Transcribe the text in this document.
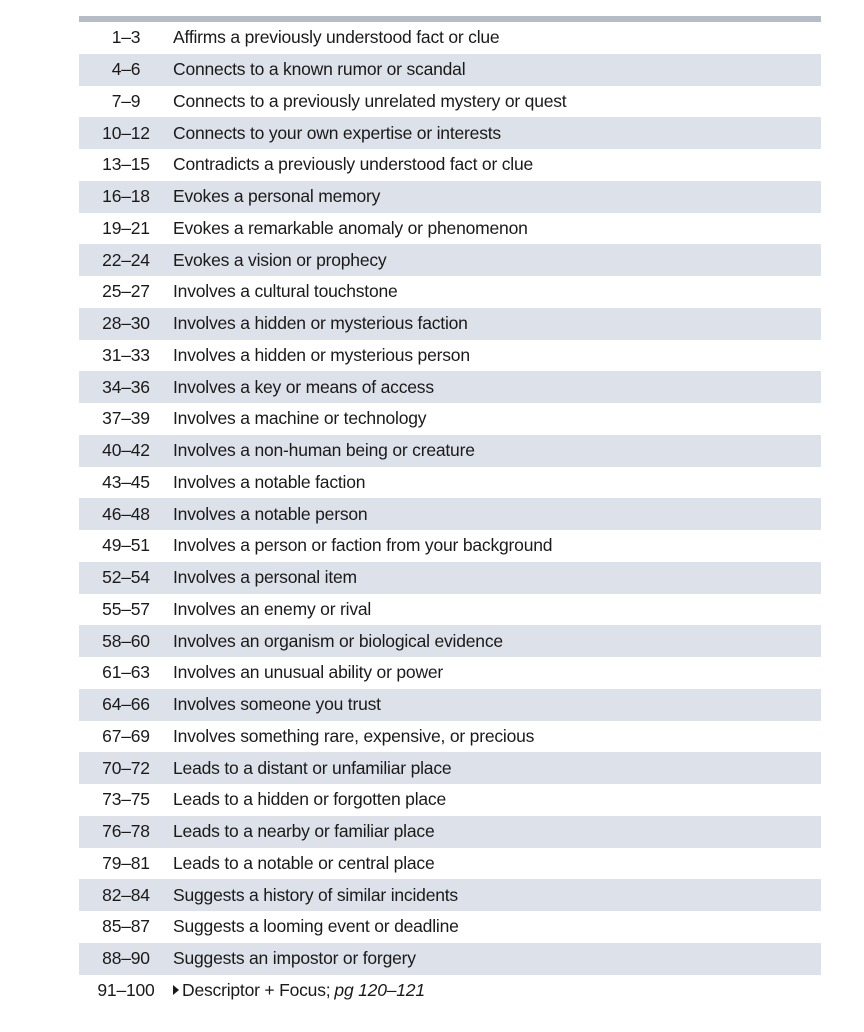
1–3	Affirms a previously understood fact or clue
4–6	Connects to a known rumor or scandal
7–9	Connects to a previously unrelated mystery or quest
10–12	Connects to your own expertise or interests
13–15	Contradicts a previously understood fact or clue
16–18	Evokes a personal memory
19–21	Evokes a remarkable anomaly or phenomenon
22–24	Evokes a vision or prophecy
25–27	Involves a cultural touchstone
28–30	Involves a hidden or mysterious faction
31–33	Involves a hidden or mysterious person
34–36	Involves a key or means of access
37–39	Involves a machine or technology
40–42	Involves a non-human being or creature
43–45	Involves a notable faction
46–48	Involves a notable person
49–51	Involves a person or faction from your background
52–54	Involves a personal item
55–57	Involves an enemy or rival
58–60	Involves an organism or biological evidence
61–63	Involves an unusual ability or power
64–66	Involves someone you trust
67–69	Involves something rare, expensive, or precious
70–72	Leads to a distant or unfamiliar place
73–75	Leads to a hidden or forgotten place
76–78	Leads to a nearby or familiar place
79–81	Leads to a notable or central place
82–84	Suggests a history of similar incidents
85–87	Suggests a looming event or deadline
88–90	Suggests an impostor or forgery
91–100	Descriptor + Focus; pg 120–121
